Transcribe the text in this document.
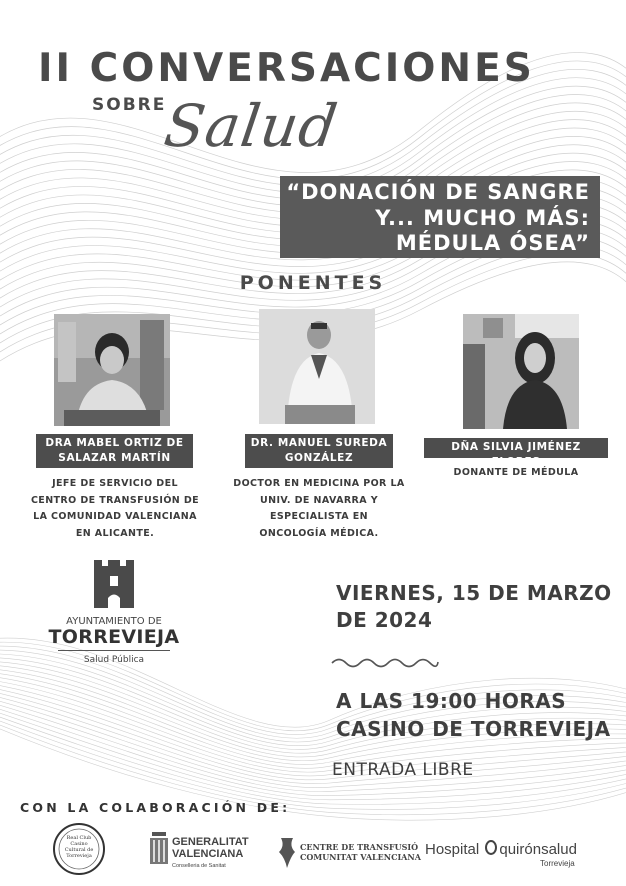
II CONVERSACIONES
SOBRE
Salud
“DONACIÓN DE SANGRE
Y... MUCHO MÁS:
MÉDULA ÓSEA”
PONENTES
DRA MABEL ORTIZ DE
SALAZAR MARTÍN
JEFE DE SERVICIO DEL
CENTRO DE TRANSFUSIÓN DE
LA COMUNIDAD VALENCIANA
EN ALICANTE.
DR. MANUEL SUREDA
GONZÁLEZ
DOCTOR EN MEDICINA POR LA
UNIV. DE NAVARRA Y
ESPECIALISTA EN
ONCOLOGÍA MÉDICA.
DÑA SILVIA JIMÉNEZ FLORES
DONANTE DE MÉDULA
AYUNTAMIENTO DE
TORREVIEJA
Salud Pública
VIERNES, 15 DE MARZO
DE 2024
A LAS 19:00 HORAS
CASINO DE TORREVIEJA
ENTRADA LIBRE
CON LA COLABORACIÓN DE:
Real Club
Casino
Cultural de
Torrevieja
GENERALITAT
VALENCIANA
Conselleria de Sanitat
CENTRE DE TRANSFUSIÓ
COMUNITAT VALENCIANA Hospital quirónsalud
Torrevieja
